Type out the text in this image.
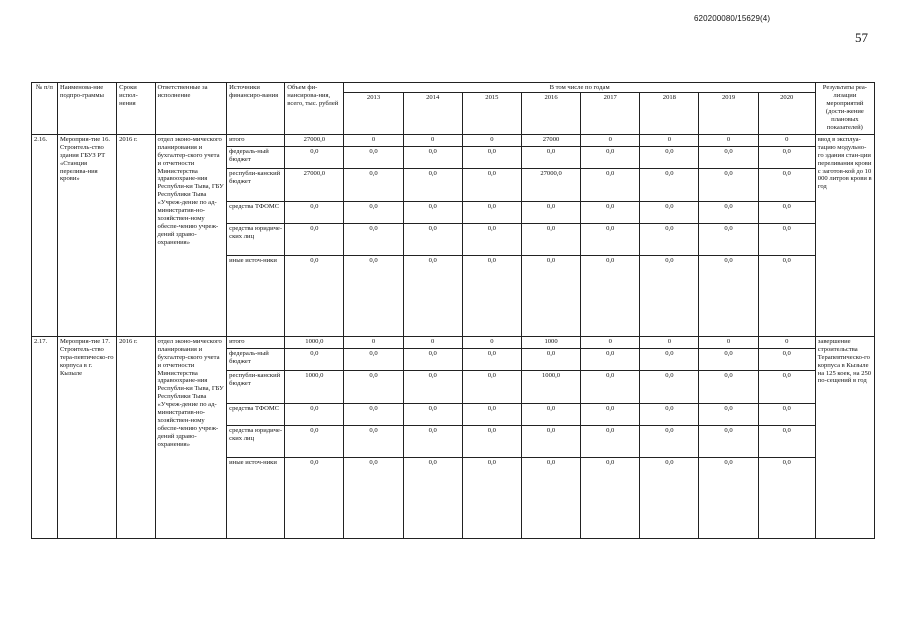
620200080/15629(4)
57
№ п/п	Наименова-ние подпро-граммы	Сроки испол-нения	Ответственные за исполнение	Источники финансиро-вания	Объем фи-нансирова-ния, всего, тыс. рублей	В том числе по годам								Результаты реа-лизации мероприятий (дости-жение плановых показателей)
						2013	2014	2015	2016	2017	2018	2019	2020	
2.16.	Мероприя-тие 16. Строитель-ство здания ГБУЗ РТ «Станция перелива-ния крови»	2016 г.	отдел эконо-мического планирования и бухгалтер-ского учета и отчетности Министерства здравоохране-ния Республи-ки Тыва, ГБУ Республики Тыва «Учреж-дение по ад-министратив-но-хозяйствен-ному обеспе-чению учреж-дений здраво-охранения»	итого	27000,0	0	0	0	27000	0	0	0	0	ввод в эксплуа-тацию модульно-го здания стан-ции переливания крови с заготов-кой до 10 000 литров крови в год
				федераль-ный бюджет	0,0	0,0	0,0	0,0	0,0	0,0	0,0	0,0	0,0	
				республи-канский бюджет	27000,0	0,0	0,0	0,0	27000,0	0,0	0,0	0,0	0,0	
				средства ТФОМС	0,0	0,0	0,0	0,0	0,0	0,0	0,0	0,0	0,0	
				средства юридиче-ских лиц	0,0	0,0	0,0	0,0	0,0	0,0	0,0	0,0	0,0	
				иные источ-ники	0,0	0,0	0,0	0,0	0,0	0,0	0,0	0,0	0,0	
2.17.	Мероприя-тие 17. Строитель-ство тера-певтическо-го корпуса в г. Кызыле	2016 г.	отдел эконо-мического планирования и бухгалтер-ского учета и отчетности Министерства здравоохране-ния Республи-ки Тыва, ГБУ Республики Тыва «Учреж-дение по ад-министратив-но-хозяйствен-ному обеспе-чению учреж-дений здраво-охранения»	итого	1000,0	0	0	0	1000	0	0	0	0	завершение строительства Терапевтическо-го корпуса в Кызыле на 125 коек, на 250 по-сещений в год
				федераль-ный бюджет	0,0	0,0	0,0	0,0	0,0	0,0	0,0	0,0	0,0	
				республи-канский бюджет	1000,0	0,0	0,0	0,0	1000,0	0,0	0,0	0,0	0,0	
				средства ТФОМС	0,0	0,0	0,0	0,0	0,0	0,0	0,0	0,0	0,0	
				средства юридиче-ских лиц	0,0	0,0	0,0	0,0	0,0	0,0	0,0	0,0	0,0	
				иные источ-ники	0,0	0,0	0,0	0,0	0,0	0,0	0,0	0,0	0,0	
